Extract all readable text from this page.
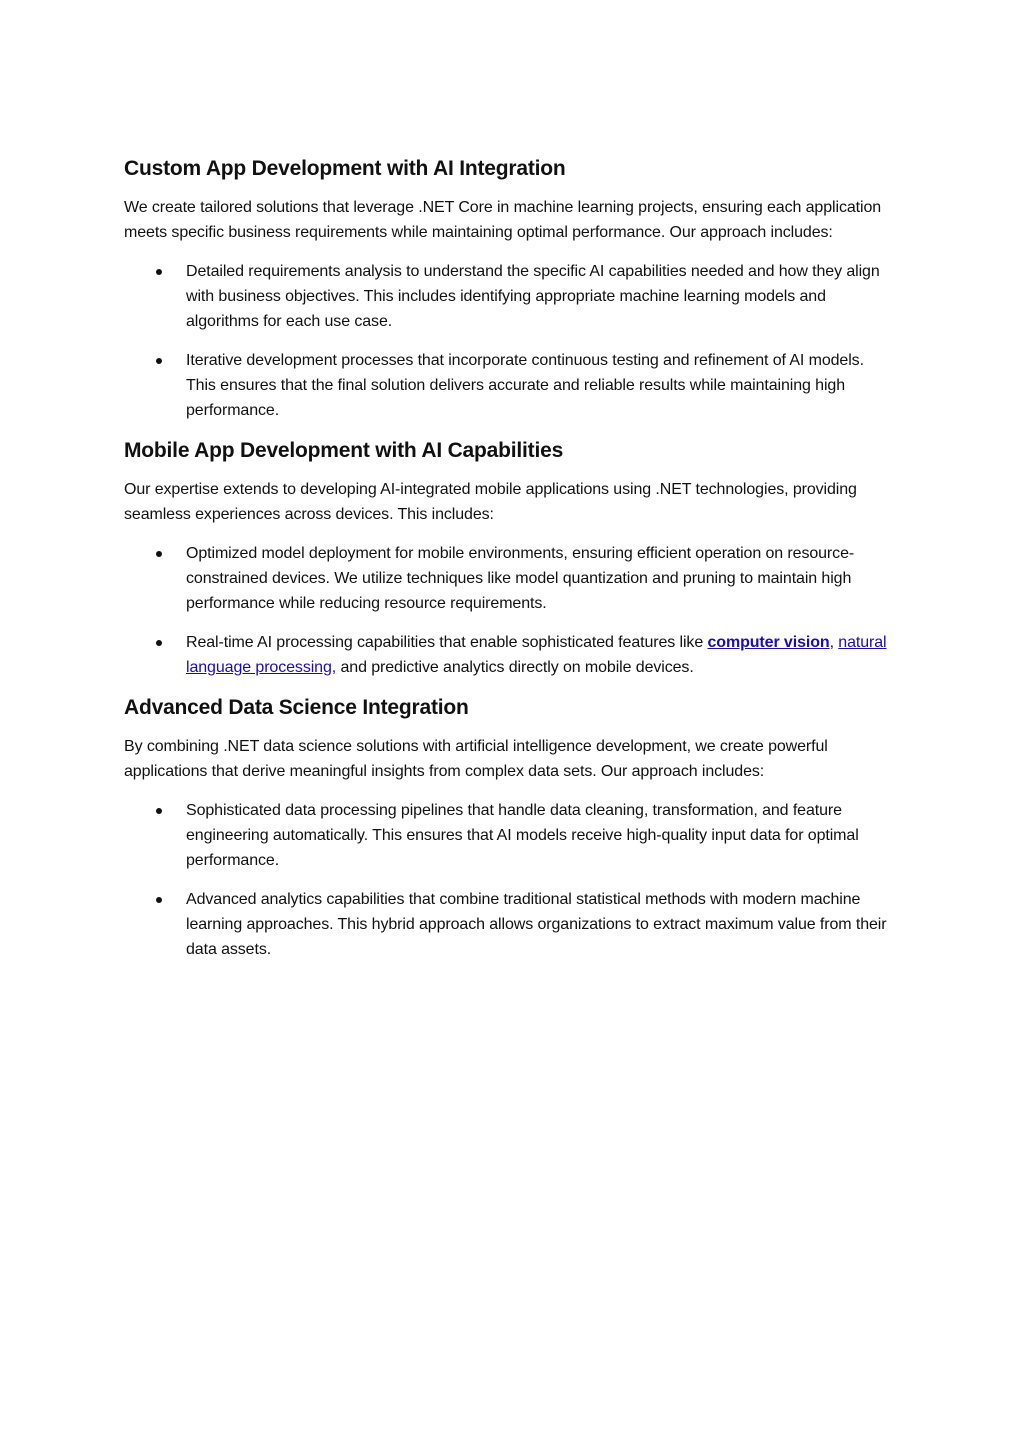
Custom App Development with AI Integration

We create tailored solutions that leverage .NET Core in machine learning projects, ensuring each application meets specific business requirements while maintaining optimal performance. Our approach includes:

Detailed requirements analysis to understand the specific AI capabilities needed and how they align with business objectives. This includes identifying appropriate machine learning models and algorithms for each use case.
Iterative development processes that incorporate continuous testing and refinement of AI models. This ensures that the final solution delivers accurate and reliable results while maintaining high performance.
Mobile App Development with AI Capabilities

Our expertise extends to developing AI-integrated mobile applications using .NET technologies, providing seamless experiences across devices. This includes:

Optimized model deployment for mobile environments, ensuring efficient operation on resource-constrained devices. We utilize techniques like model quantization and pruning to maintain high performance while reducing resource requirements.
Real-time AI processing capabilities that enable sophisticated features like computer vision, natural language processing, and predictive analytics directly on mobile devices.
Advanced Data Science Integration

By combining .NET data science solutions with artificial intelligence development, we create powerful applications that derive meaningful insights from complex data sets. Our approach includes:

Sophisticated data processing pipelines that handle data cleaning, transformation, and feature engineering automatically. This ensures that AI models receive high-quality input data for optimal performance.
Advanced analytics capabilities that combine traditional statistical methods with modern machine learning approaches. This hybrid approach allows organizations to extract maximum value from their data assets.
